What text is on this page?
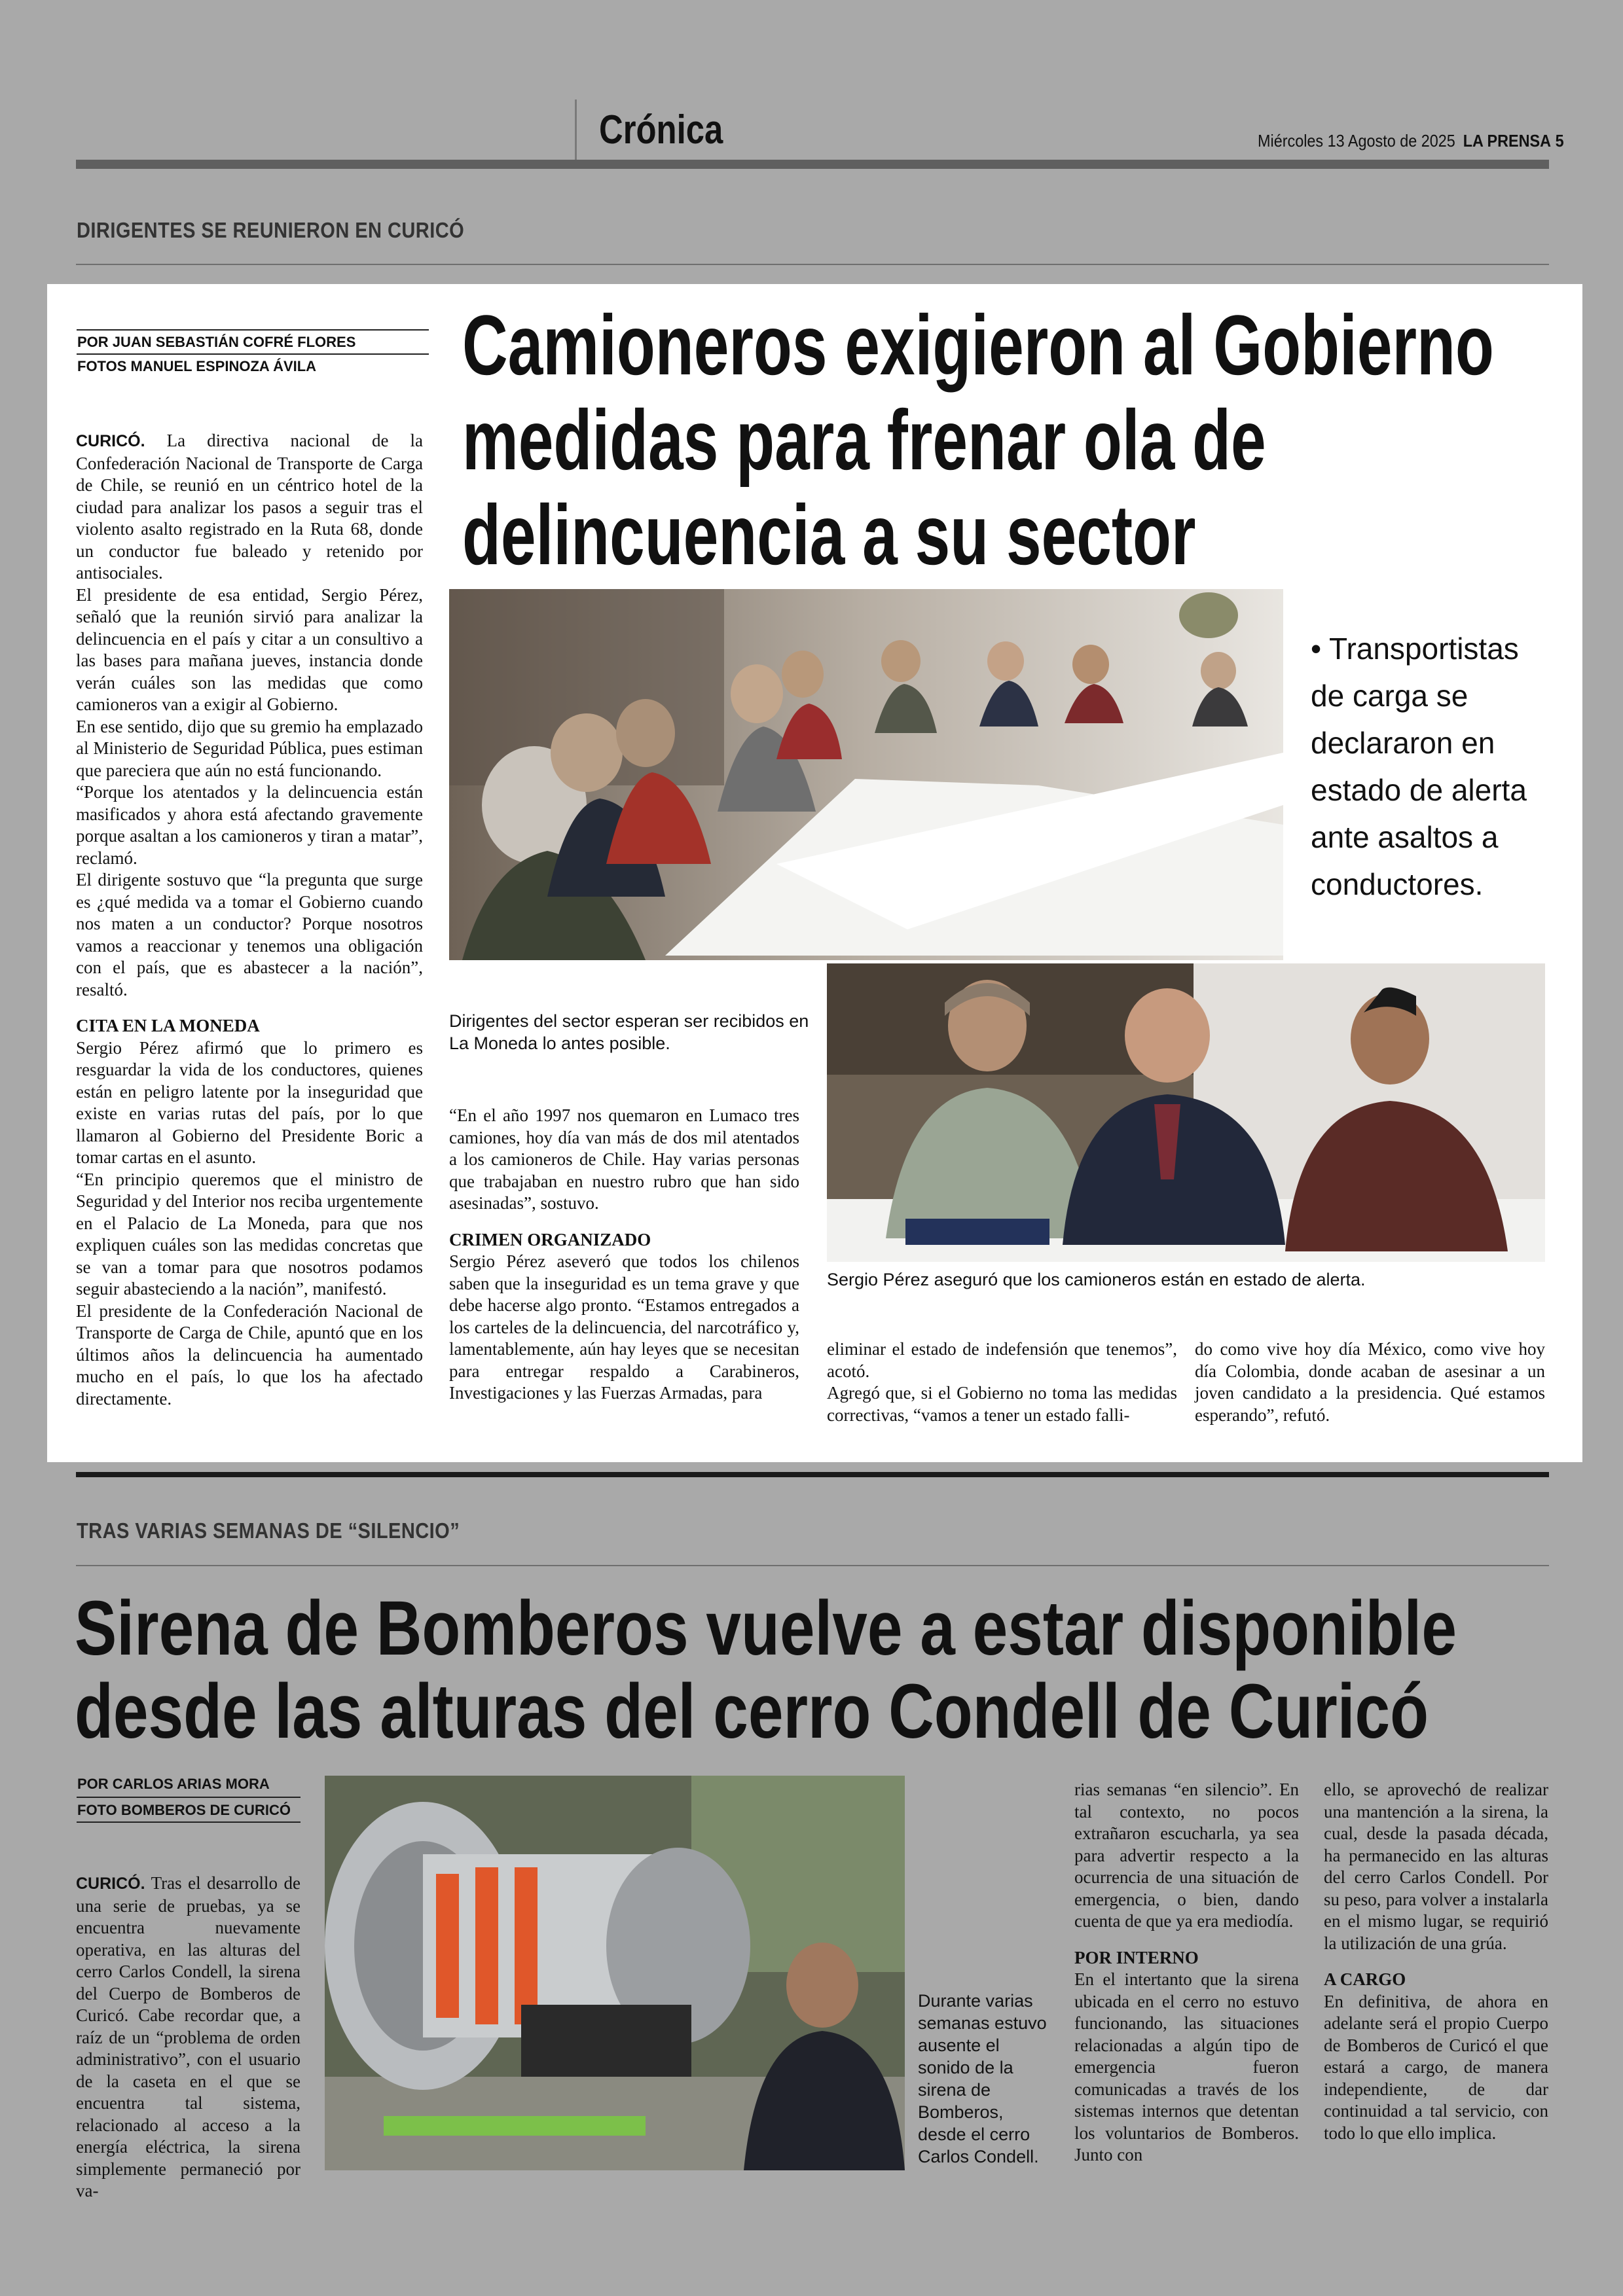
Crónica	Miércoles 13 Agosto de 2025 LA PRENSA 5
DIRIGENTES SE REUNIERON EN CURICÓ
POR JUAN SEBASTIÁN COFRÉ FLORES
FOTOS MANUEL ESPINOZA ÁVILA Camioneros exigieron al Gobierno
medidas para frenar ola de
delincuencia a su sector
• Transportistas de carga se declararon en estado de alerta ante asaltos a conductores.

CURICÓ. La directiva nacional de la Confederación Nacional de Transporte de Carga de Chile, se reunió en un céntrico hotel de la ciudad para analizar los pasos a seguir tras el violento asalto registrado en la Ruta 68, donde un conductor fue baleado y retenido por antisociales.

El presidente de esa entidad, Sergio Pérez, señaló que la reunión sirvió para analizar la delincuencia en el país y citar a un consultivo a las bases para mañana jueves, instancia donde verán cuáles son las medidas que como camioneros van a exigir al Gobierno.

En ese sentido, dijo que su gremio ha emplazado al Ministerio de Seguridad Pública, pues estiman que pareciera que aún no está funcionando.

“Porque los atentados y la delincuencia están masificados y ahora está afectando gravemente porque asaltan a los camioneros y tiran a matar”, reclamó.

El dirigente sostuvo que “la pregunta que surge es ¿qué medida va a tomar el Gobierno cuando nos maten a un conductor? Porque nosotros vamos a reaccionar y tenemos una obligación con el país, que es abastecer a la nación”, resaltó.

CITA EN LA MONEDA

Sergio Pérez afirmó que lo primero es resguardar la vida de los conductores, quienes están en peligro latente por la inseguridad que existe en varias rutas del país, por lo que llamaron al Gobierno del Presidente Boric a tomar cartas en el asunto.

“En principio queremos que el ministro de Seguridad y del Interior nos reciba urgentemente en el Palacio de La Moneda, para que nos expliquen cuáles son las medidas concretas que se van a tomar para que nosotros podamos seguir abasteciendo a la nación”, manifestó.

El presidente de la Confederación Nacional de Transporte de Carga de Chile, apuntó que en los últimos años la delincuencia ha aumentado mucho en el país, lo que los ha afectado directamente.

Dirigentes del sector esperan ser recibidos en La Moneda lo antes posible.

“En el año 1997 nos quemaron en Lumaco tres camiones, hoy día van más de dos mil atentados a los camioneros de Chile. Hay varias personas que trabajaban en nuestro rubro que han sido asesinadas”, sostuvo.

CRIMEN ORGANIZADO

Sergio Pérez aseveró que todos los chilenos saben que la inseguridad es un tema grave y que debe hacerse algo pronto. “Estamos entregados a los carteles de la delincuencia, del narcotráfico y, lamentablemente, aún hay leyes que se necesitan para entregar respaldo a Carabineros, Investigaciones y las Fuerzas Armadas, para

Sergio Pérez aseguró que los camioneros están en estado de alerta.

eliminar el estado de indefensión que tenemos”, acotó.

Agregó que, si el Gobierno no toma las medidas correctivas, “vamos a tener un estado falli-

do como vive hoy día México, como vive hoy día Colombia, donde acaban de asesinar a un joven candidato a la presidencia. Qué estamos esperando”, refutó.

TRAS VARIAS SEMANAS DE “SILENCIO”
Sirena de Bomberos vuelve a estar disponible
desde las alturas del cerro Condell de Curicó
POR CARLOS ARIAS MORA
FOTO BOMBEROS DE CURICÓ

CURICÓ. Tras el desarrollo de una serie de pruebas, ya se encuentra nuevamente operativa, en las alturas del cerro Carlos Condell, la sirena del Cuerpo de Bomberos de Curicó. Cabe recordar que, a raíz de un “problema de orden administrativo”, con el usuario de la caseta en el que se encuentra tal sistema, relacionado al acceso a la energía eléctrica, la sirena simplemente permaneció por va-

Durante varias semanas estuvo ausente el sonido de la sirena de Bomberos, desde el cerro Carlos Condell.

rias semanas “en silencio”. En tal contexto, no pocos extrañaron escucharla, ya sea para advertir respecto a la ocurrencia de una situación de emergencia, o bien, dando cuenta de que ya era mediodía.

POR INTERNO

En el intertanto que la sirena ubicada en el cerro no estuvo funcionando, las situaciones relacionadas a algún tipo de emergencia fueron comunicadas a través de los sistemas internos que detentan los voluntarios de Bomberos. Junto con

ello, se aprovechó de realizar una mantención a la sirena, la cual, desde la pasada década, ha permanecido en las alturas del cerro Carlos Condell. Por su peso, para volver a instalarla en el mismo lugar, se requirió la utilización de una grúa.

A CARGO

En definitiva, de ahora en adelante será el propio Cuerpo de Bomberos de Curicó el que estará a cargo, de manera independiente, de dar continuidad a tal servicio, con todo lo que ello implica.
